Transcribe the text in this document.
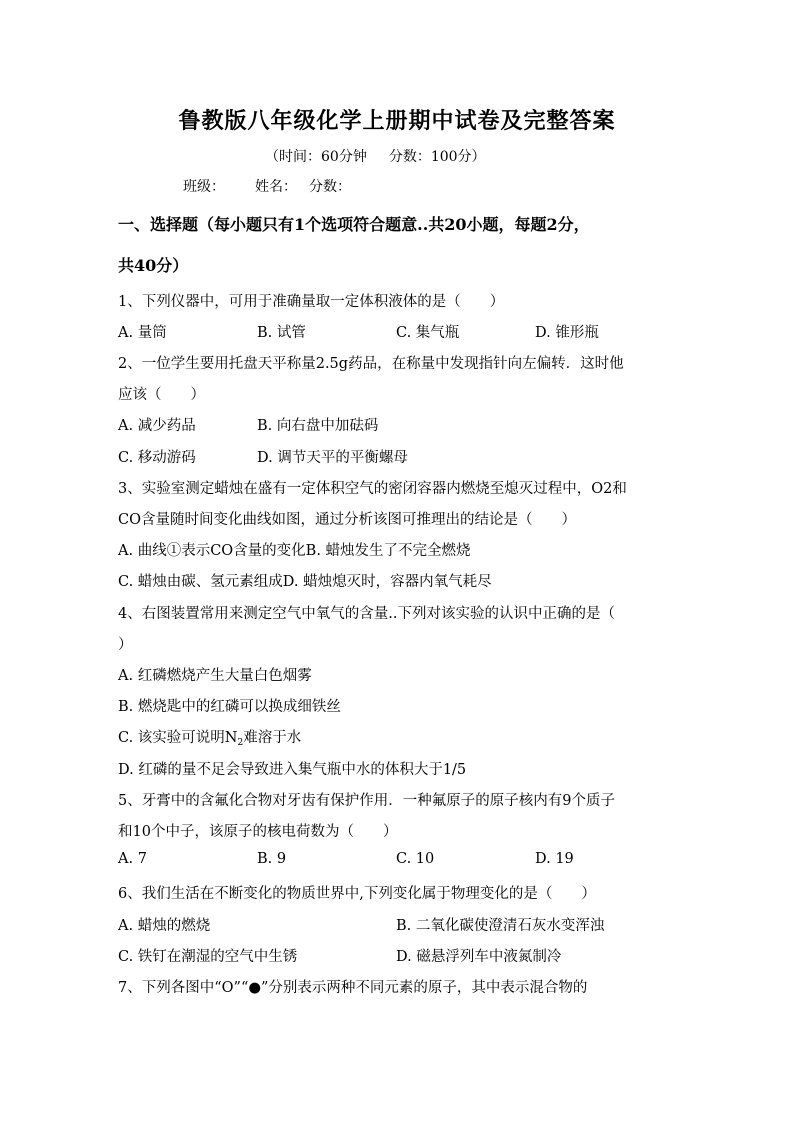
鲁教版八年级化学上册期中试卷及完整答案
（时间：60分钟 分数：100分）
班级： 姓名： 分数：
一、选择题（每小题只有1个选项符合题意..共20小题，每题2分，
共40分）
1、下列仪器中，可用于准确量取一定体积液体的是（　　）
A. 量筒	B. 试管	C. 集气瓶	D. 锥形瓶
2、一位学生要用托盘天平称量2.5g药品，在称量中发现指针向左偏转．这时他
应该（　　）
A. 减少药品	B. 向右盘中加砝码
C. 移动游码	D. 调节天平的平衡螺母
3、实验室测定蜡烛在盛有一定体积空气的密闭容器内燃烧至熄灭过程中，O2和
CO含量随时间变化曲线如图，通过分析该图可推理出的结论是（　　）
A. 曲线①表示CO含量的变化B. 蜡烛发生了不完全燃烧
C. 蜡烛由碳、氢元素组成D. 蜡烛熄灭时，容器内氧气耗尽
4、右图装置常用来测定空气中氧气的含量..下列对该实验的认识中正确的是（
）
A. 红磷燃烧产生大量白色烟雾
B. 燃烧匙中的红磷可以换成细铁丝
C. 该实验可说明$N_2$难溶于水
D. 红磷的量不足会导致进入集气瓶中水的体积大于1/5
5、牙膏中的含氟化合物对牙齿有保护作用．一种氟原子的原子核内有9个质子
和10个中子，该原子的核电荷数为（　　）
A. 7	B. 9	C. 10	D. 19
6、我们生活在不断变化的物质世界中,下列变化属于物理变化的是（　　）
A. 蜡烛的燃烧	B. 二氧化碳使澄清石灰水变浑浊
C. 铁钉在潮湿的空气中生锈	D. 磁悬浮列车中液氮制冷
7、下列各图中“O”“●”分别表示两种不同元素的原子，其中表示混合物的
